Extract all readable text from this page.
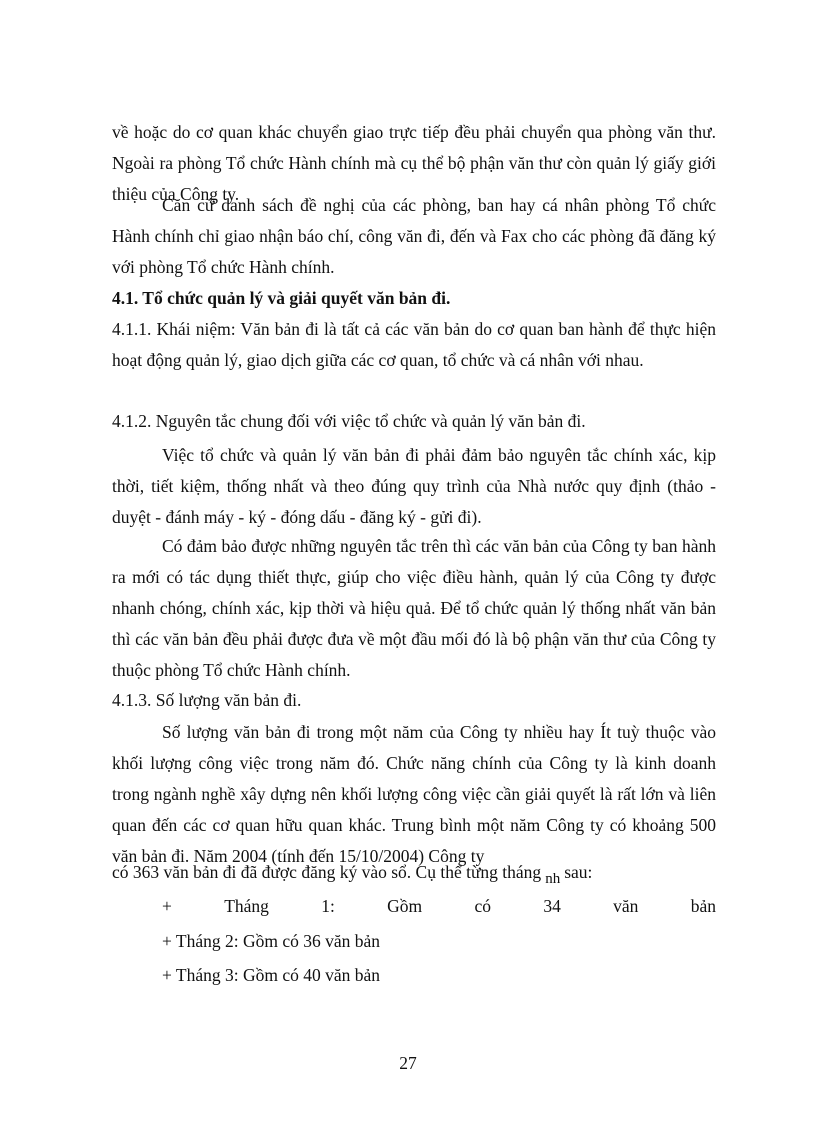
về hoặc do cơ quan khác chuyển giao trực tiếp đều phải chuyển qua phòng văn thư. Ngoài ra phòng Tổ chức Hành chính mà cụ thể bộ phận văn thư còn quản lý giấy giới thiệu của Công ty.
Căn cứ danh sách đề nghị của các phòng, ban hay cá nhân phòng Tổ chức Hành chính chỉ giao nhận báo chí, công văn đi, đến và Fax cho các phòng đã đăng ký với phòng Tổ chức Hành chính.
4.1. Tổ chức quản lý và giải quyết văn bản đi.
4.1.1. Khái niệm: Văn bản đi là tất cả các văn bản do cơ quan ban hành để thực hiện hoạt động quản lý, giao dịch giữa các cơ quan, tổ chức và cá nhân với nhau.
4.1.2. Nguyên tắc chung đối với việc tổ chức và quản lý văn bản đi.
Việc tổ chức và quản lý văn bản đi phải đảm bảo nguyên tắc chính xác, kịp thời, tiết kiệm, thống nhất và theo đúng quy trình của Nhà nước quy định (thảo - duyệt - đánh máy - ký - đóng dấu - đăng ký - gửi đi).
Có đảm bảo được những nguyên tắc trên thì các văn bản của Công ty ban hành ra mới có tác dụng thiết thực, giúp cho việc điều hành, quản lý của Công ty được nhanh chóng, chính xác, kịp thời và hiệu quả. Để tổ chức quản lý thống nhất văn bản thì các văn bản đều phải được đưa về một đầu mối đó là bộ phận văn thư của Công ty thuộc phòng Tổ chức Hành chính.
4.1.3. Số lượng văn bản đi.
Số lượng văn bản đi trong một năm của Công ty nhiều hay Ít tuỳ thuộc vào khối lượng công việc trong năm đó. Chức năng chính của Công ty là kinh doanh trong ngành nghề xây dựng nên khối lượng công việc cần giải quyết là rất lớn và liên quan đến các cơ quan hữu quan khác. Trung bình một năm Công ty có khoảng 500 văn bản đi. Năm 2004 (tính đến 15/10/2004) Công ty
có 363 văn bản đi đã được đăng ký vào sổ. Cụ thể từng tháng nh sau:
+	Tháng	1:	Gồm	có	34	văn	bản
+ Tháng 2: Gồm có 36 văn bản
+ Tháng 3: Gồm có 40 văn bản
27
